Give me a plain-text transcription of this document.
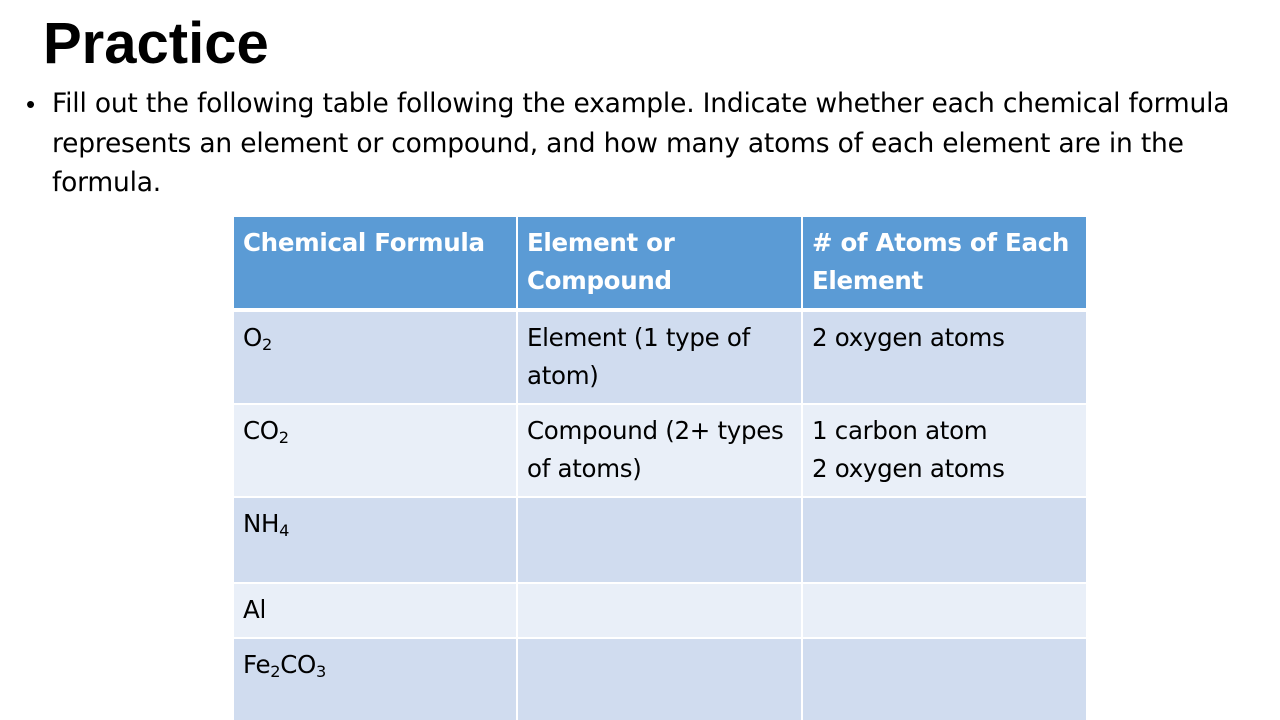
Practice
• Fill out the following table following the example. Indicate whether each chemical formula represents an element or compound, and how many atoms of each element are in the formula.
Chemical Formula	Element or Compound	# of Atoms of Each Element
$O_2$	Element (1 type of atom)	2 oxygen atoms

$CO_2$	Compound (2+ types of atoms)	1 carbon atom
2 oxygen atoms

$NH_4$		
Al		
$Fe_2CO_3$		
